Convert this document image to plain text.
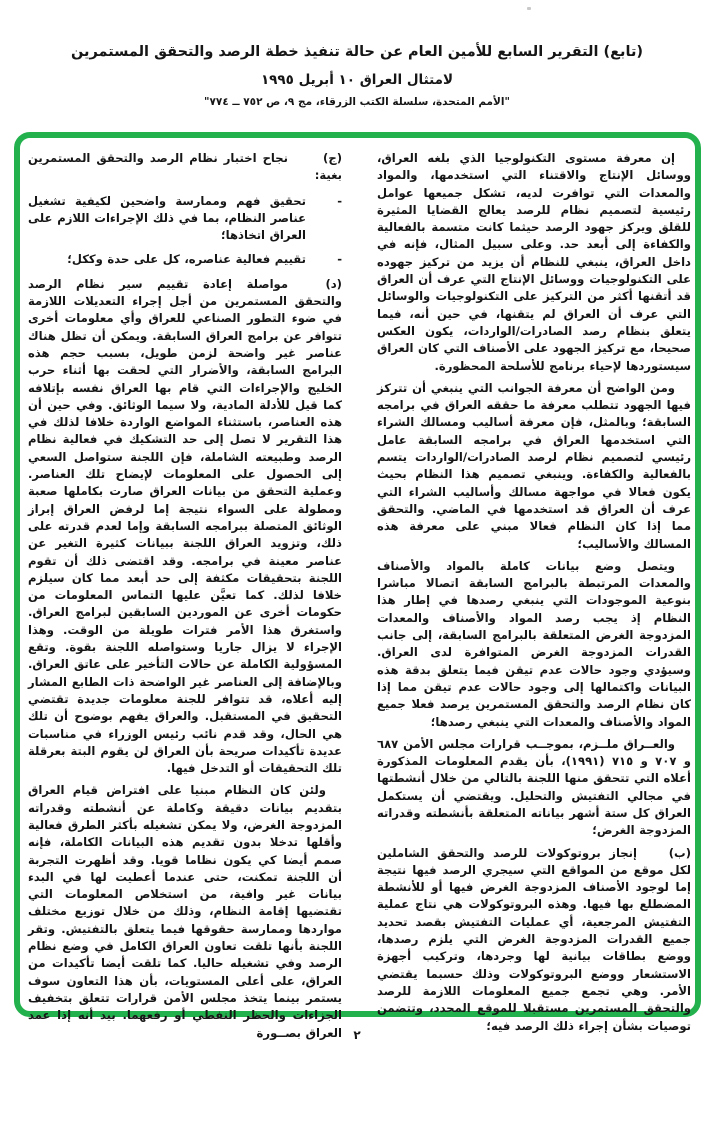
(تابع) التقرير السابع للأمين العام عن حالة تنفيذ خطة الرصد والتحقق المستمرين
لامتثال العراق ١٠ أبريل ١٩٩٥
"الأمم المتحدة، سلسلة الكتب الزرقاء، مج ٩، ص ٧٥٢ ــ ٧٧٤"

إن معرفة مستوى التكنولوجيا الذي بلغه العراق، ووسائل الإنتاج والاقتناء التي استخدمها، والمواد والمعدات التي توافرت لديه، تشكل جميعها عوامل رئيسية لتصميم نظام للرصد يعالج القضايا المثيرة للقلق ويركز جهود الرصد حيثما كانت متسمة بالفعالية والكفاءة إلى أبعد حد. وعلى سبيل المثال، فإنه في داخل العراق، ينبغي للنظام أن يزيد من تركيز جهوده على التكنولوجيات ووسائل الإنتاج التي عرف أن العراق قد أتقنها أكثر من التركيز على التكنولوجيات والوسائل التي عرف أن العراق لم يتقنها، في حين أنه، فيما يتعلق بنظام رصد الصادرات/الواردات، يكون العكس صحيحا، مع تركيز الجهود على الأصناف التي كان العراق سيستوردها لإحياء برنامج للأسلحة المحظورة.

ومن الواضح أن معرفة الجوانب التي ينبغي أن تتركز فيها الجهود تتطلب معرفة ما حققه العراق في برامجه السابقة؛ وبالمثل، فإن معرفة أساليب ومسالك الشراء التي استخدمها العراق في برامجه السابقة عامل رئيسي لتصميم نظام لرصد الصادرات/الواردات يتسم بالفعالية والكفاءة. وينبغي تصميم هذا النظام بحيث يكون فعالا في مواجهة مسالك وأساليب الشراء التي عرف أن العراق قد استخدمها في الماضي. والتحقق مما إذا كان النظام فعالا مبني على معرفة هذه المسالك والأساليب؛

ويتصل وضع بيانات كاملة بالمواد والأصناف والمعدات المرتبطة بالبرامج السابقة اتصالا مباشرا بنوعية الموجودات التي ينبغي رصدها في إطار هذا النظام إذ يجب رصد المواد والأصناف والمعدات المزدوجة الغرض المتعلقة بالبرامج السابقة، إلى جانب القدرات المزدوجة الغرض المتوافرة لدى العراق. وسيؤدي وجود حالات عدم تيقن فيما يتعلق بدقة هذه البيانات واكتمالها إلى وجود حالات عدم تيقن مما إذا كان نظام الرصد والتحقق المستمرين يرصد فعلا جميع المواد والأصناف والمعدات التي ينبغي رصدها؛

والعــراق ملــزم، بموجــب قرارات مجلس الأمن ٦٨٧ و ٧٠٧ و ٧١٥ (١٩٩١)، بأن يقدم المعلومات المذكورة أعلاه التي تتحقق منها اللجنة بالتالي من خلال أنشطتها في مجالي التفتيش والتحليل. ويقتضي أن يستكمل العراق كل ستة أشهر بياناته المتعلقة بأنشطته وقدراته المزدوجة الغرض؛

(ب)إنجاز بروتوكولات للرصد والتحقق الشاملين لكل موقع من المواقع التي سيجري الرصد فيها نتيجة إما لوجود الأصناف المزدوجة الغرض فيها أو للأنشطة المضطلع بها فيها. وهذه البروتوكولات هي نتاج عملية التفتيش المرجعية، أي عمليات التفتيش بقصد تحديد جميع القدرات المزدوجة الغرض التي يلزم رصدها، ووضع بطاقات بيانية لها وجردها، وتركيب أجهزة الاستشعار ووضع البروتوكولات وذلك حسبما يقتضي الأمر. وهي تجمع جميع المعلومات اللازمة للرصد والتحقق المستمرين مستقبلا للموقع المحدد، وتتضمن توصيات بشأن إجراء ذلك الرصد فيه؛

(ج)نجاح اختبار نظام الرصد والتحقق المستمرين بغية:

-
تحقيق فهم وممارسة واضحين لكيفية تشغيل عناصر النظام، بما في ذلك الإجراءات اللازم على العراق اتخاذها؛
-
تقييم فعالية عناصره، كل على حدة وككل؛

(د)مواصلة إعادة تقييم سير نظام الرصد والتحقق المستمرين من أجل إجراء التعديلات اللازمة في ضوء التطور الصناعي للعراق وأي معلومات أخرى تتوافر عن برامج العراق السابقة. ويمكن أن تظل هناك عناصر غير واضحة لزمن طويل، بسبب حجم هذه البرامج السابقة، والأضرار التي لحقت بها أثناء حرب الخليج والإجراءات التي قام بها العراق نفسه بإتلافه كما قيل للأدلة المادية، ولا سيما الوثائق. وفي حين أن هذه العناصر، باستثناء المواضع الواردة خلافا لذلك في هذا التقرير لا تصل إلى حد التشكيك في فعالية نظام الرصد وطبيعته الشاملة، فإن اللجنة ستواصل السعي إلى الحصول على المعلومات لإيضاح تلك العناصر. وعملية التحقق من بيانات العراق صارت بكاملها صعبة ومطولة على السواء نتيجة إما لرفض العراق إبراز الوثائق المتصلة ببرامجه السابقة وإما لعدم قدرته على ذلك، وتزويد العراق اللجنة ببيانات كثيرة التغير عن عناصر معينة في برامجه. وقد اقتضى ذلك أن تقوم اللجنة بتحقيقات مكثفة إلى حد أبعد مما كان سيلزم خلافا لذلك. كما تعيَّن عليها التماس المعلومات من حكومات أخرى عن الموردين السابقين لبرامج العراق. واستغرق هذا الأمر فترات طويلة من الوقت. وهذا الإجراء لا يزال جاريا وستواصله اللجنة بقوة. وتقع المسؤولية الكاملة عن حالات التأخير على عاتق العراق. وبالإضافة إلى العناصر غير الواضحة ذات الطابع المشار إليه أعلاه، قد تتوافر للجنة معلومات جديدة تقتضي التحقيق في المستقبل. والعراق يفهم بوضوح أن تلك هي الحال، وقد قدم نائب رئيس الوزراء في مناسبات عديدة تأكيدات صريحة بأن العراق لن يقوم البتة بعرقلة تلك التحقيقات أو التدخل فيها.

ولئن كان النظام مبنيا على افتراض قيام العراق بتقديم بيانات دقيقة وكاملة عن أنشطته وقدراته المزدوجة الغرض، ولا يمكن تشغيله بأكثر الطرق فعالية وأقلها تدخلا بدون تقديم هذه البيانات الكاملة، فإنه صمم أيضا كي يكون نظاما قويا. وقد أظهرت التجربة أن اللجنة تمكنت، حتى عندما أعطيت لها في البدء بيانات غير وافية، من استخلاص المعلومات التي تقتضيها إقامة النظام، وذلك من خلال توزيع مختلف مواردها وممارسة حقوقها فيما يتعلق بالتفتيش. وتقر اللجنة بأنها تلقت تعاون العراق الكامل في وضع نظام الرصد وفي تشغيله حاليا. كما تلقت أيضا تأكيدات من العراق، على أعلى المستويات، بأن هذا التعاون سوف يستمر بينما يتخذ مجلس الأمن قرارات تتعلق بتخفيف الجزاءات والحظر النفطي أو رفعهما. بيد أنه إذا عمد العراق بصــورة ٢
